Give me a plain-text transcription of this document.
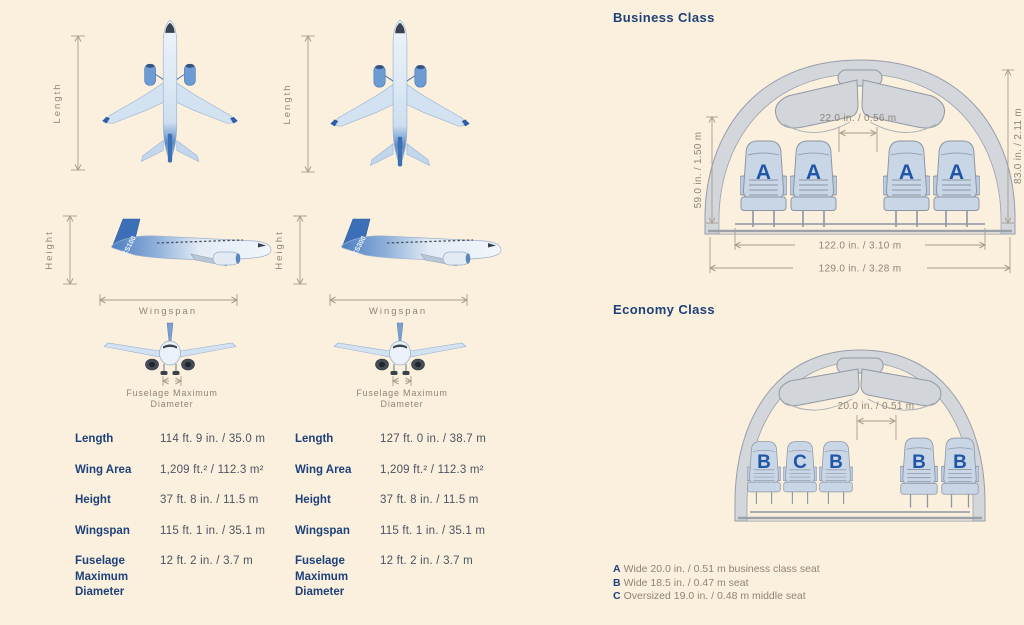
Length
Height	CS100
Wingspan
Fuselage Maximum
Diameter
Length
Height	CS300
Wingspan
Fuselage Maximum
Diameter
Length	114 ft. 9 in. / 35.0 m
Wing Area	1,209 ft.² / 112.3 m²
Height	37 ft. 8 in. / 11.5 m
Wingspan	115 ft. 1 in. / 35.1 m
Fuselage Maximum Diameter
12 ft. 2 in. / 3.7 m
Length	127 ft. 0 in. / 38.7 m
Wing Area	1,209 ft.² / 112.3 m²
Height	37 ft. 8 in. / 11.5 m
Wingspan	115 ft. 1 in. / 35.1 m
Fuselage Maximum Diameter
12 ft. 2 in. / 3.7 m
Business Class
A A	A A
22.0 in. / 0.56 m
59.0 in. / 1.50 m	83.0 in. / 2.11 m
122.0 in. / 3.10 m
129.0 in. / 3.28 m
Economy Class
B C B	B B
20.0 in. / 0.51 m
A Wide 20.0 in. / 0.51 m business class seat
B Wide 18.5 in. / 0.47 m seat
C Oversized 19.0 in. / 0.48 m middle seat
